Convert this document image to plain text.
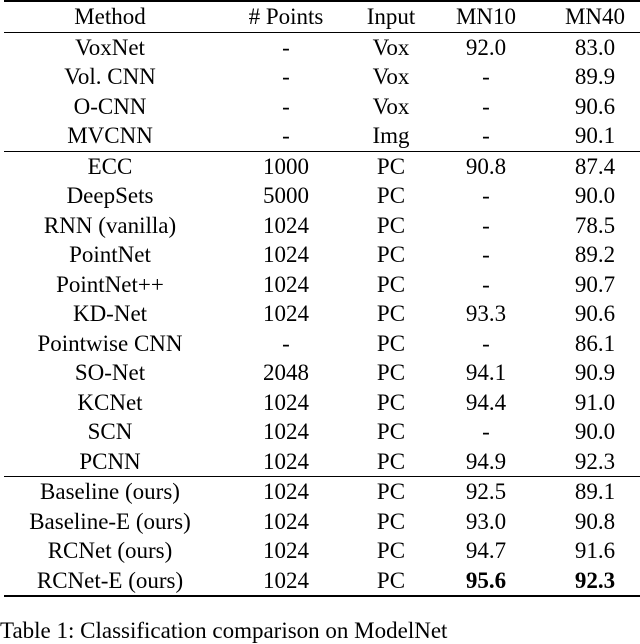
Method	# Points	Input	MN10	MN40
VoxNet	-	Vox	92.0	83.0
Vol. CNN	-	Vox	-	89.9
O-CNN	-	Vox	-	90.6
MVCNN	-	Img	-	90.1
ECC	1000	PC	90.8	87.4
DeepSets	5000	PC	-	90.0
RNN (vanilla)	1024	PC	-	78.5
PointNet	1024	PC	-	89.2
PointNet++	1024	PC	-	90.7
KD-Net	1024	PC	93.3	90.6
Pointwise CNN	-	PC	-	86.1
SO-Net	2048	PC	94.1	90.9
KCNet	1024	PC	94.4	91.0
SCN	1024	PC	-	90.0
PCNN	1024	PC	94.9	92.3
Baseline (ours)	1024	PC	92.5	89.1
Baseline-E (ours)	1024	PC	93.0	90.8
RCNet (ours)	1024	PC	94.7	91.6
RCNet-E (ours)	1024	PC	95.6	92.3
Table 1: Classification comparison on ModelNet
